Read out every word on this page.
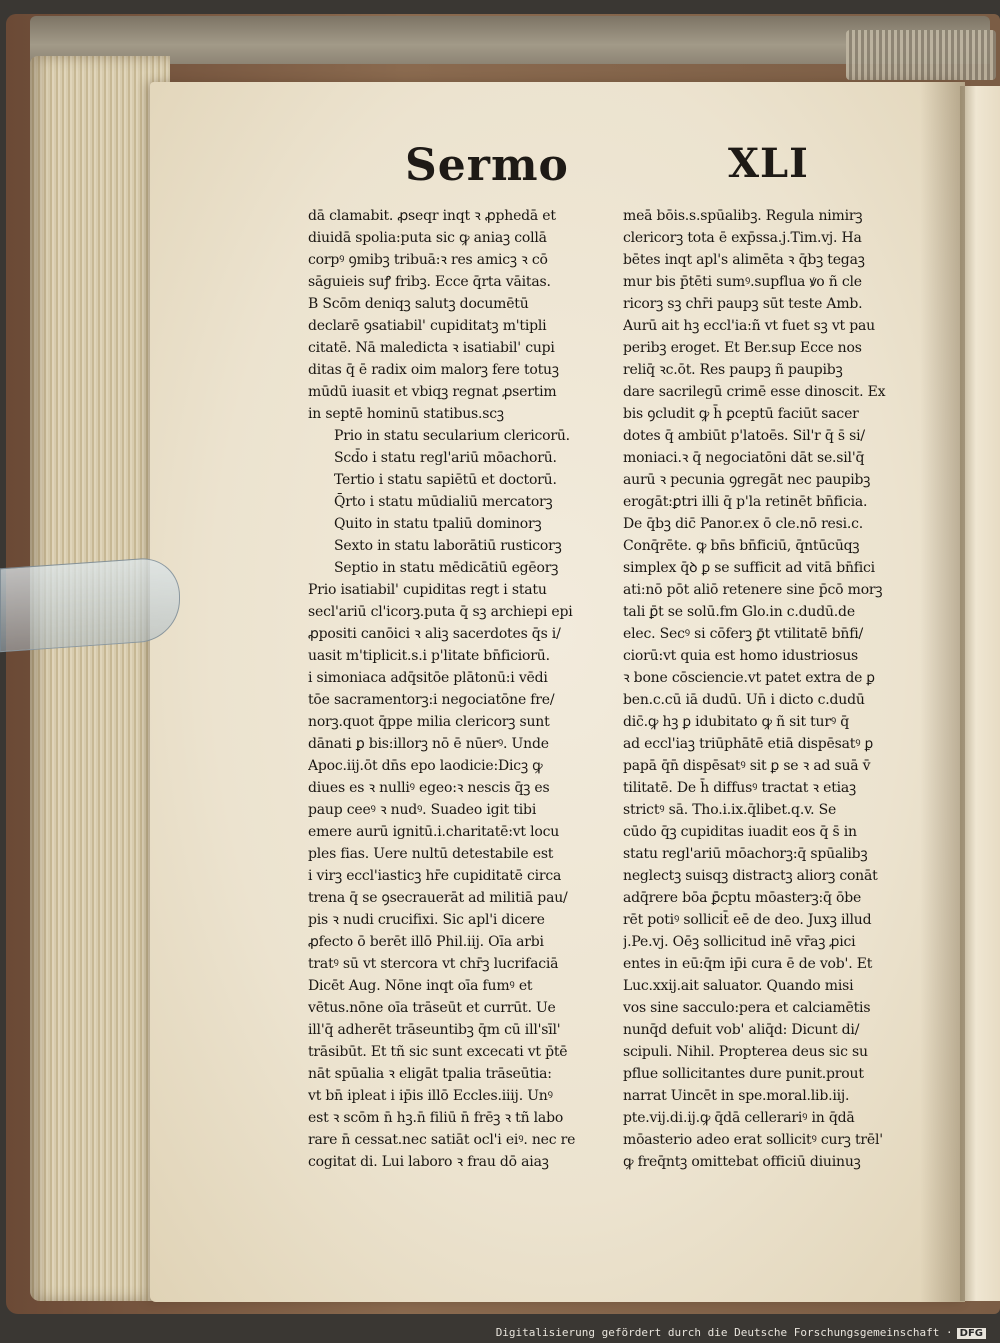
Sermo	XLI
dā clamabit. ꝓseqr inqt ꝛ ꝓphedā et
diuidā spolia:puta sic ꝙ aniaꝫ collā
corpꝰ ꝯmibꝫ tribuā:ꝛ res amicꝫ ꝛ cō
sāguieis suꝭ fribꝫ. Ecce q̄rta vāitas.
B Scōm deniqꝫ salutꝫ documētū
declarē ꝯsatiabil' cupiditatꝫ m'tipli
citatē. Nā maledicta ꝛ isatiabil' cupi
ditas q̄ ē radix oim malorꝫ fere totuꝫ
mūdū iuasit et vbiqꝫ regnat ꝓsertim
in septē hominū statibus.scꝫ
Prio in statu secularium clericorū.
Scd̄o i statu regl'ariū mōachorū.
Tertio i statu sapiētū et doctorū.
Q̄rto i statu mūdialiū mercatorꝫ
Quito in statu tpaliū dominorꝫ
Sexto in statu laborātiū rusticorꝫ
Septio in statu mēdicātiū egēorꝫ
Prio isatiabil' cupiditas regt i statu
secl'ariū cl'icorꝫ.puta q̄ sꝫ archiepi epi
ꝓpositi canōici ꝛ aliꝫ sacerdotes q̄s i/
uasit m'tiplicit.s.i p'litate bn̄ficiorū.
i simoniaca adq̄sitōe plātonū:i vēdi
tōe sacramentorꝫ:i negociatōne fre/
norꝫ.quot q̄ppe milia clericorꝫ sunt
dānati ꝑ bis:illorꝫ nō ē nūerꝰ. Unde
Apoc.iij.ōt dn̄s epo laodicie:Dicꝫ ꝙ
diues es ꝛ nulliꝰ egeo:ꝛ nescis q̄ꝫ es
paup ceeꝰ ꝛ nudꝰ. Suadeo igit tibi
emere aurū ignitū.i.charitatē:vt locu
ples fias. Uere nultū detestabile est
i virꝫ eccl'iasticꝫ hr̄e cupiditatē circa
trena q̄ se ꝯsecrauerāt ad militiā pau/
pis ꝛ nudi crucifixi. Sic apl'i dicere
ꝓfecto ō berēt illō Phil.iij. Oīa arbi
tratꝰ sū vt stercora vt chr̄ꝫ lucrifaciā
Dicēt Aug. Nōne inqt oīa fumꝰ et
vētus.nōne oīa trāseūt et currūt. Ue
ill'q̄ adherēt trāseuntibꝫ q̄m cū ill'sīl'
trāsibūt. Et tñ sic sunt excecati vt p̄tē
nāt spūalia ꝛ eligāt tpalia trāseūtia:
vt bn̄ ipleat i ip̄is illō Eccles.iiij. Unꝰ
est ꝛ scōm n̄ hꝫ.n̄ filiū n̄ frēꝫ ꝛ tñ labo
rare n̄ cessat.nec satiāt ocl'i eiꝰ. nec re
cogitat di. Lui laboro ꝛ frau dō aiaꝫ
meā bōis.s.spūalibꝫ. Regula nimirꝫ
clericorꝫ tota ē exp̄ssa.j.Tim.vj. Ha
bētes inqt apl's alimēta ꝛ q̄bꝫ tegaꝫ
mur bis p̄tēti sumꝰ.supflua ꝟo ñ cle
ricorꝫ sꝫ chr̄i paupꝫ sūt teste Amb.
Aurū ait hꝫ eccl'ia:ñ vt fuet sꝫ vt pau
peribꝫ eroget. Et Ber.sup Ecce nos
reliq̄ ꝛc.ōt. Res paupꝫ ñ paupibꝫ
dare sacrilegū crimē esse dinoscit. Ex
bis ꝯcludit ꝙ h̄ ꝑceptū faciūt sacer
dotes q̄ ambiūt p'latoēs. Sil'r q̄ s̄ si/
moniaci.ꝛ q̄ negociatōni dāt se.sil'q̄
aurū ꝛ pecunia ꝯgregāt nec paupibꝫ
erogāt:ꝑtri illi q̄ p'la retinēt bn̄ficia.
De q̄bꝫ dic̄ Panor.ex ō cle.nō resi.c.
Conq̄rēte. ꝙ bn̄s bn̄ficiū, q̄ntūcūqꝫ
simplex q̄ꝺ ꝑ se sufficit ad vitā bn̄fici
ati:nō pōt aliō retenere sine p̄cō morꝫ
tali ꝑ̄t se solū.fm Glo.in c.dudū.de
elec. Secꝰ si cōferꝫ ꝑ̄t vtilitatē bn̄fi/
ciorū:vt quia est homo idustriosus
ꝛ bone cōsciencie.vt patet extra de ꝑ
ben.c.cū iā dudū. Un̄ i dicto c.dudū
dic̄.ꝙ hꝫ ꝑ idubitato ꝙ ñ sit turꝰ q̄
ad eccl'iaꝫ triūphātē etiā dispēsatꝰ ꝑ
papā q̄n̄ dispēsatꝰ sit ꝑ se ꝛ ad suā v̄
tilitatē. De h̄ diffusꝰ tractat ꝛ etiaꝫ
strictꝰ sā. Tho.i.ix.q̄libet.q.v. Se
cūdo q̄ꝫ cupiditas iuadit eos q̄ s̄ in
statu regl'ariū mōachorꝫ:q̄ spūalibꝫ
neglectꝫ suisqꝫ distractꝫ aliorꝫ conāt
adq̄rere bōa ꝑ̄cptu mōasterꝫ:q̄ ōbe
rēt potiꝰ sollicit̄ eē de deo. Juxꝫ illud
j.Pe.vj. Oēꝫ sollicitud inē vr̄aꝫ ꝓici
entes in eū:q̄m ip̄i cura ē de vob'. Et
Luc.xxij.ait saluator. Quando misi
vos sine sacculo:pera et calciamētis
nunq̄d defuit vob' aliq̄d: Dicunt di/
scipuli. Nihil. Propterea deus sic su
pflue sollicitantes dure punit.prout
narrat Uincēt in spe.moral.lib.iij.
pte.vij.di.ij.ꝙ q̄dā cellerariꝰ in q̄dā
mōasterio adeo erat sollicitꝰ curꝫ trēl'
ꝙ freq̄ntꝫ omittebat officiū diuinuꝫ
Digitalisierung gefördert durch die Deutsche Forschungsgemeinschaft · DFG
